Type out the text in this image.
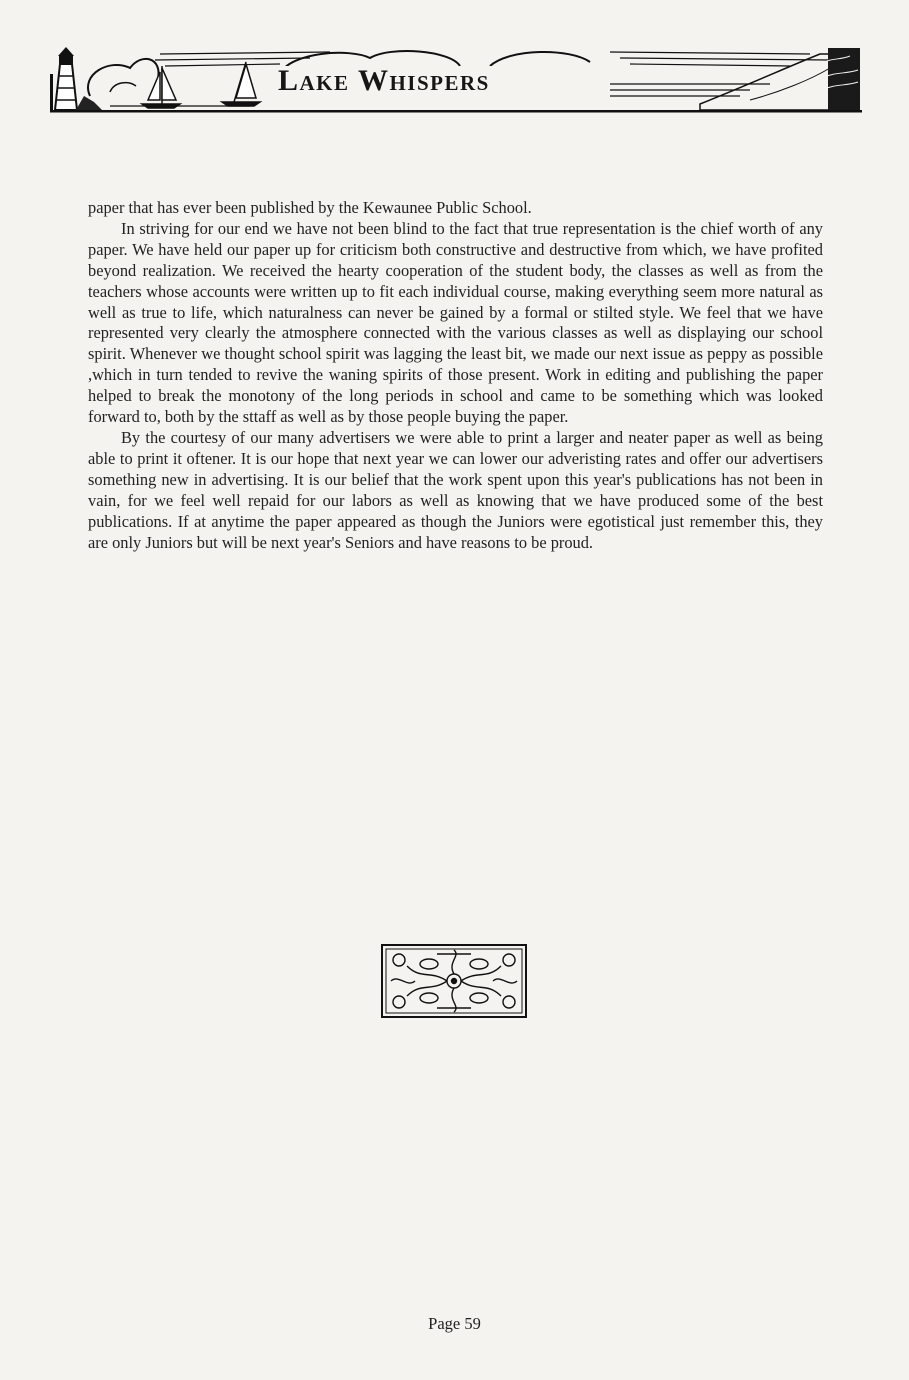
Lake Whispers

paper that has ever been published by the Kewaunee Public School.

In striving for our end we have not been blind to the fact that true representation is the chief worth of any paper. We have held our paper up for criticism both constructive and destructive from which, we have profited beyond realization. We received the hearty cooperation of the student body, the classes as well as from the teachers whose accounts were written up to fit each individual course, making everything seem more natural as well as true to life, which naturalness can never be gained by a formal or stilted style. We feel that we have represented very clearly the atmosphere connected with the various classes as well as displaying our school spirit. Whenever we thought school spirit was lagging the least bit, we made our next issue as peppy as possible ,which in turn tended to revive the waning spirits of those present. Work in editing and publishing the paper helped to break the monotony of the long periods in school and came to be something which was looked forward to, both by the sttaff as well as by those people buying the paper.

By the courtesy of our many advertisers we were able to print a larger and neater paper as well as being able to print it oftener. It is our hope that next year we can lower our adveristing rates and offer our advertisers something new in advertising. It is our belief that the work spent upon this year's publications has not been in vain, for we feel well repaid for our labors as well as knowing that we have produced some of the best publications. If at anytime the paper appeared as though the Juniors were egotistical just remember this, they are only Juniors but will be next year's Seniors and have reasons to be proud.

Page 59
